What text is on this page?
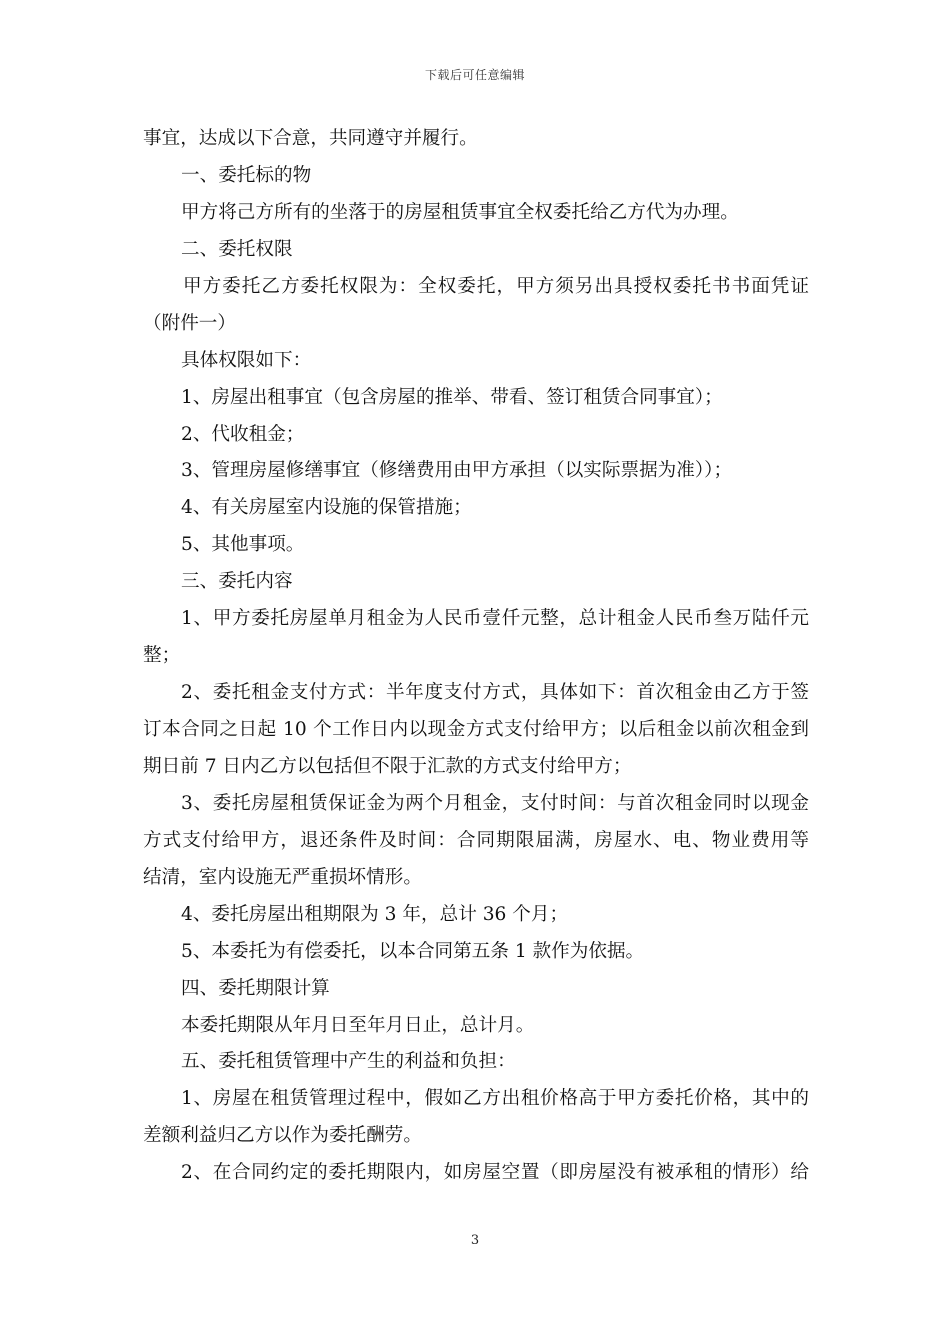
下载后可任意编辑
事宜，达成以下合意，共同遵守并履行。
一、委托标的物
甲方将己方所有的坐落于的房屋租赁事宜全权委托给乙方代为办理。
二、委托权限
甲方委托乙方委托权限为：全权委托，甲方须另出具授权委托书书面凭证
（附件一）
具体权限如下：
1、房屋出租事宜（包含房屋的推举、带看、签订租赁合同事宜）；
2、代收租金；
3、管理房屋修缮事宜（修缮费用由甲方承担（以实际票据为准））；
4、有关房屋室内设施的保管措施；
5、其他事项。
三、委托内容
1、甲方委托房屋单月租金为人民币壹仟元整，总计租金人民币叁万陆仟元
整；
2、委托租金支付方式：半年度支付方式，具体如下：首次租金由乙方于签
订本合同之日起 10 个工作日内以现金方式支付给甲方；以后租金以前次租金到
期日前 7 日内乙方以包括但不限于汇款的方式支付给甲方；
3、委托房屋租赁保证金为两个月租金，支付时间：与首次租金同时以现金
方式支付给甲方，退还条件及时间：合同期限届满，房屋水、电、物业费用等
结清，室内设施无严重损坏情形。
4、委托房屋出租期限为 3 年，总计 36 个月；
5、本委托为有偿委托，以本合同第五条 1 款作为依据。
四、委托期限计算
本委托期限从年月日至年月日止，总计月。
五、委托租赁管理中产生的利益和负担：
1、房屋在租赁管理过程中，假如乙方出租价格高于甲方委托价格，其中的
差额利益归乙方以作为委托酬劳。
2、在合同约定的委托期限内，如房屋空置（即房屋没有被承租的情形）给
3
